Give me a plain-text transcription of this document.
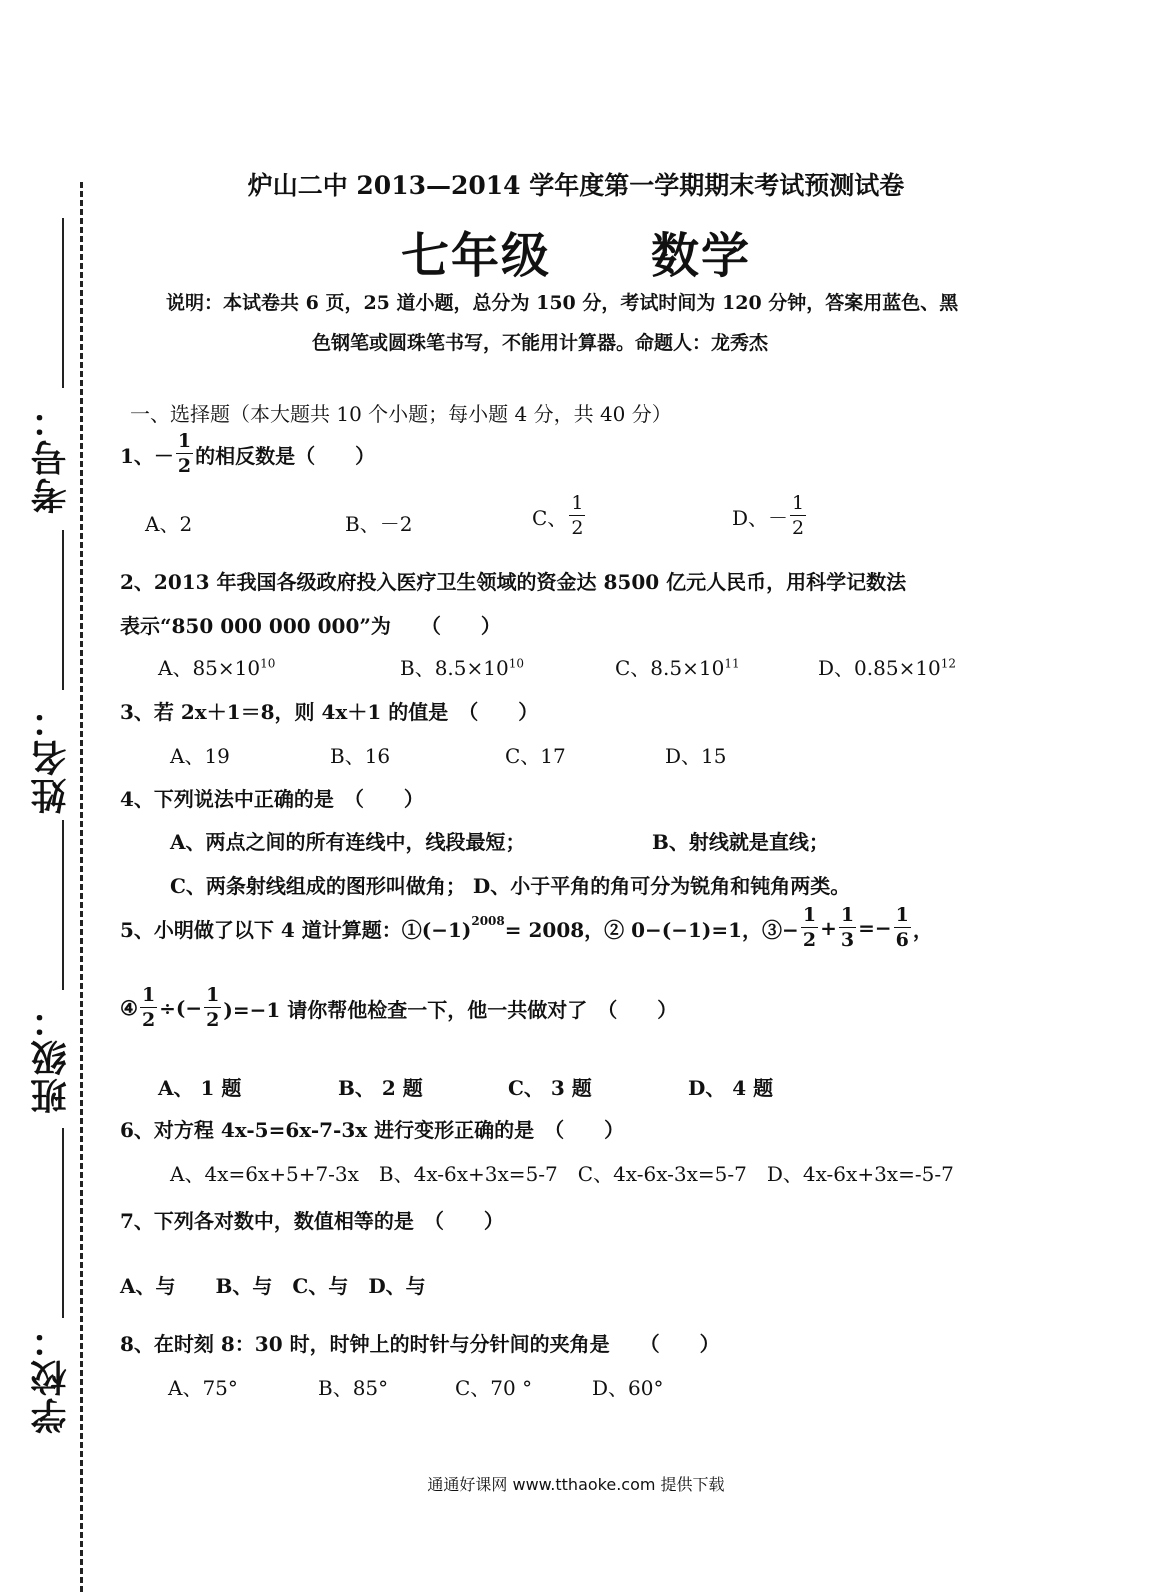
考号：
姓名：
班级：
学校：
炉山二中 2013—2014 学年度第一学期期末考试预测试卷
七年级　　数学
说明：本试卷共 6 页，25 道小题，总分为 150 分，考试时间为 120 分钟，答案用蓝色、黑
色钢笔或圆珠笔书写，不能用计算器。命题人：龙秀杰
一、选择题（本大题共 10 个小题；每小题 4 分，共 40 分）
1、－ $\frac{1}{2}$ 的相反数是（　　）
A、2	B、－2	C、 $\frac{1}{2}$	D、－ $\frac{1}{2}$
2、2013 年我国各级政府投入医疗卫生领域的资金达 8500 亿元人民币，用科学记数法
表示“850 000 000 000”为　　（　　）
A、$85\times 10^{10}$	B、$8.5\times 10^{10}$	C、$8.5\times 10^{11}$	D、$0.85\times 10^{12}$
3、若 2x＋1＝8，则 4x＋1 的值是　（　　）
A、19	B、16	C、17	D、15
4、下列说法中正确的是　（　　）
A、两点之间的所有连线中，线段最短；	B、射线就是直线；
C、两条射线组成的图形叫做角； D、小于平角的角可分为锐角和钝角两类。
5、小明做了以下 4 道计算题：$①(-1)^{2008} = 2008$，② 0−(−1)=1，③− $\frac{1}{2} + \frac{1}{3} =- \frac{1}{6}$ ，
④ $\frac{1}{2}$ ÷(− $\frac{1}{2} )=-1$ 请你帮他检查一下，他一共做对了　（　　）
A、 1 题	B、 2 题	C、 3 题	D、 4 题
6、对方程 4x-5=6x-7-3x 进行变形正确的是　（　　）
A、4x=6x+5+7-3x　B、4x-6x+3x=5-7　C、4x-6x-3x=5-7　D、4x-6x+3x=-5-7
7、下列各对数中，数值相等的是　（　　）
A、与　　B、与　C、与　D、与
8、在时刻 8：30 时，时钟上的时针与分针间的夹角是　　（　　）
A、75°	B、85°	C、70 °	D、60°
通通好课网 www.tthaoke.com 提供下载
